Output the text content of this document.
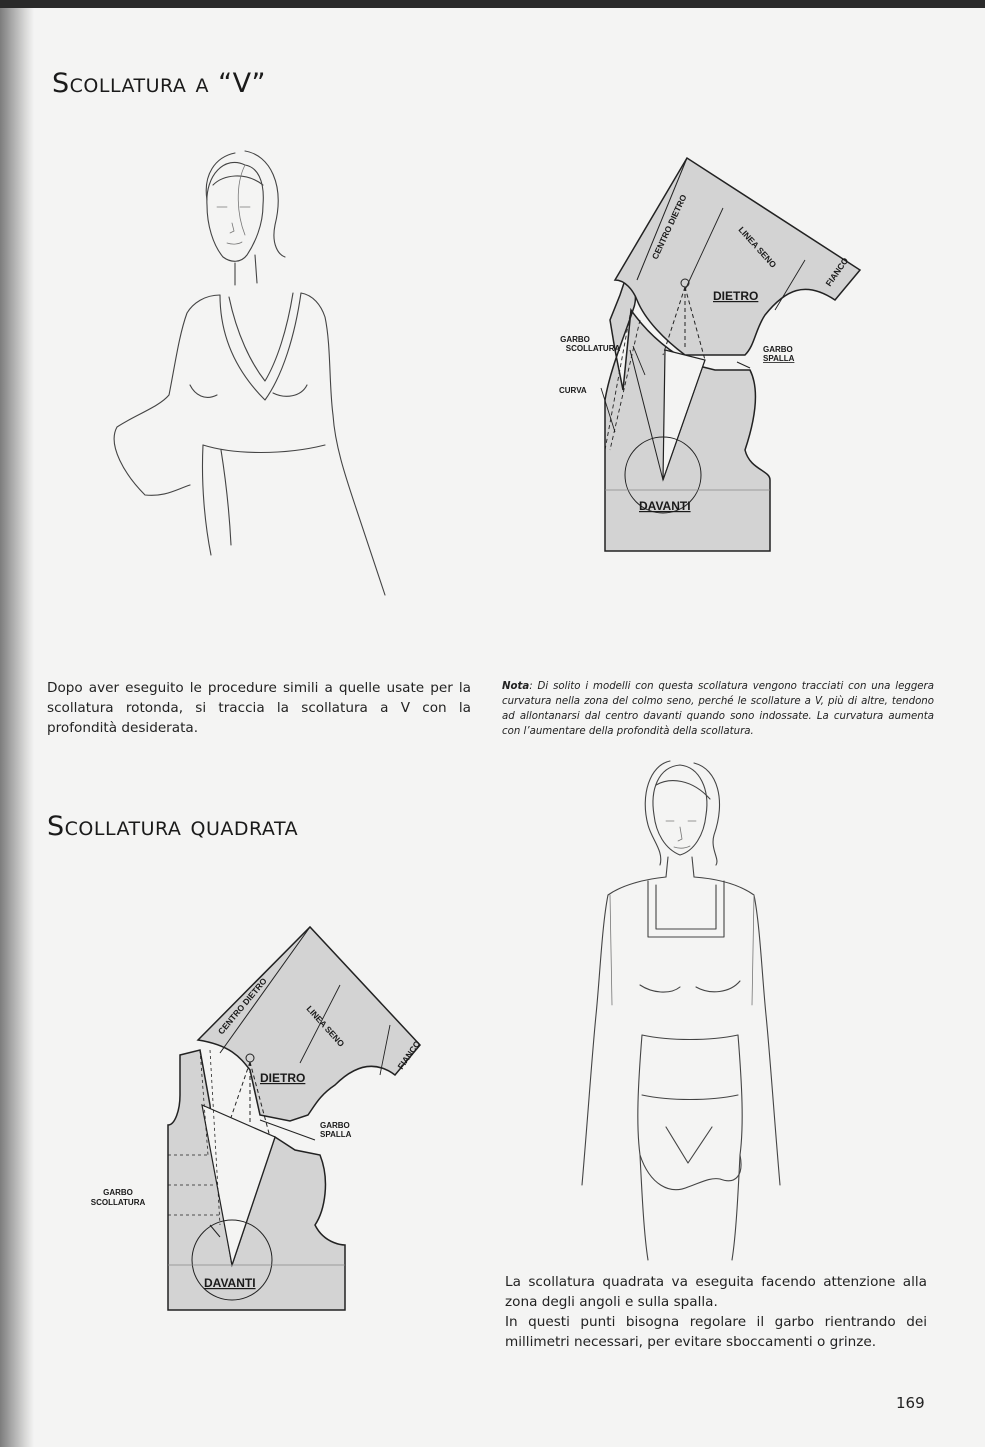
Scollatura a “V”
CENTRO DIETRO	LINEA SENO
FIANCO
DIETRO
GARBO
SCOLLATURA	GARBO
SPALLA
CURVA
DAVANTI

Dopo aver eseguito le procedure simili a quelle usate per la scollatura rotonda, si traccia la scollatura a V con la profondità desiderata.

Nota: Di solito i modelli con questa scollatura vengono tracciati con una leggera curvatura nella zona del colmo seno, perché le scollature a V, più di altre, tendono ad allontanarsi dal centro davanti quando sono indossate. La curvatura aumenta con l’aumentare della profondità della scollatura.

Scollatura quadrata
CENTRO DIETRO	LINEA SENO
FIANCO
DIETRO
GARBO
SPALLA
GARBO
SCOLLATURA
DAVANTI	La scollatura quadrata va eseguita facendo attenzione alla zona degli angoli e sulla spalla.
In questi punti bisogna regolare il garbo rientrando dei millimetri necessari, per evitare sboccamenti o grinze.

169
